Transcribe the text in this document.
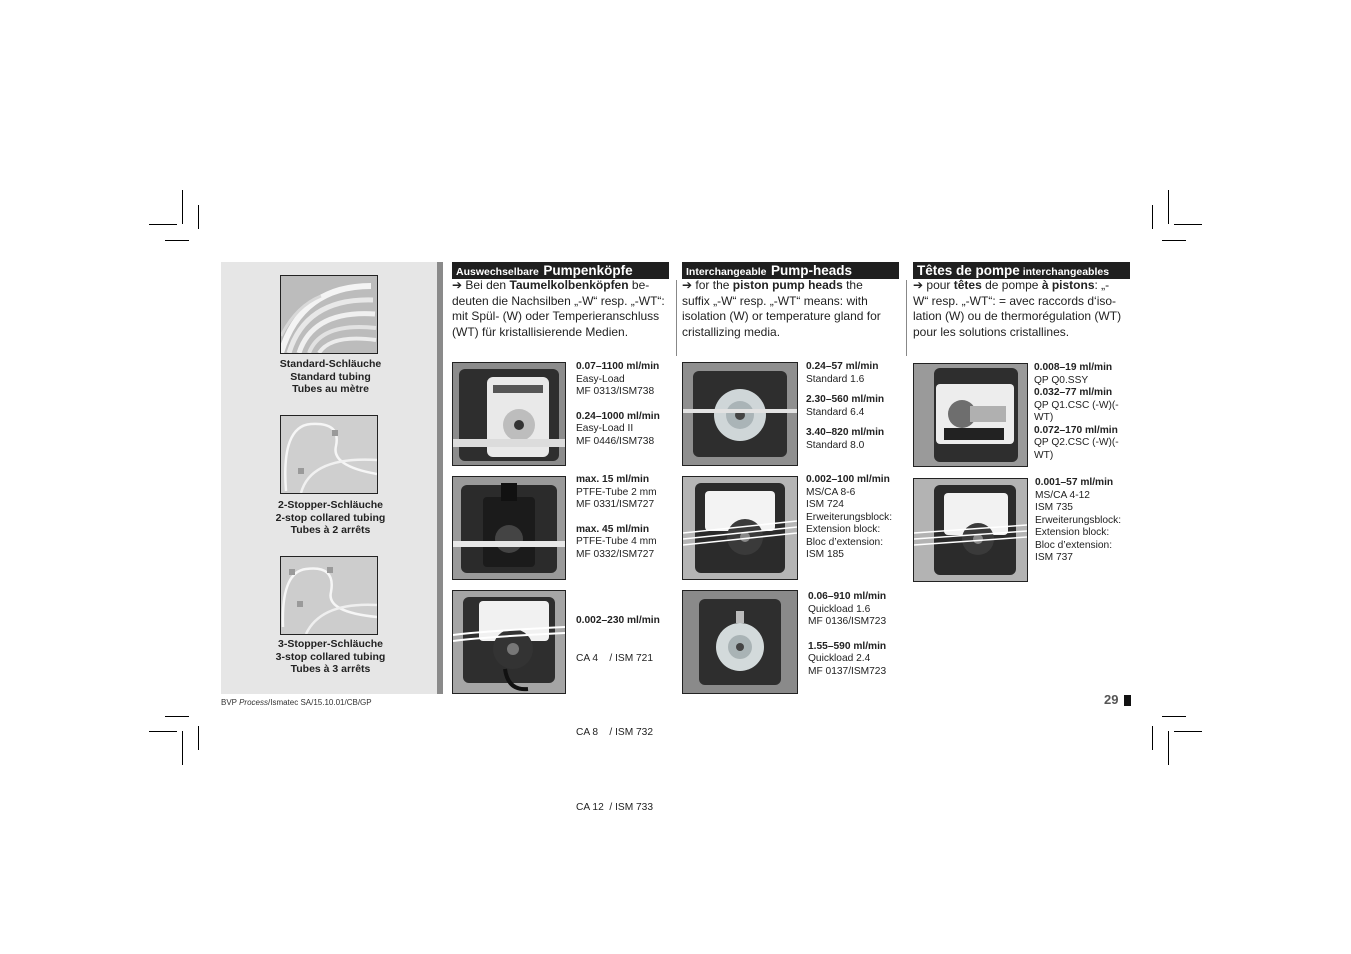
Standard-Schläuche
Standard tubing
Tubes au mètre
2-Stopper-Schläuche
2-stop collared tubing
Tubes à 2 arrêts
3-Stopper-Schläuche
3-stop collared tubing
Tubes à 3 arrêts
Auswechselbare Pumpenköpfe	Interchangeable Pump-heads	Têtes de pompe interchangeables
➔ Bei den Taumelkolbenköpfen be-
deuten die Nachsilben „-W“ resp. „-WT“:
mit Spül- (W) oder Temperieranschluss
(WT) für kristallisierende Medien.
➔ for the piston pump heads the
suffix „-W“ resp. „-WT“ means: with
isolation (W) or temperature gland for
cristallizing media.
➔ pour têtes de pompe à pistons: „-
W“ resp. „-WT“: = avec raccords d‘iso-
lation (W) ou de thermorégulation (WT)
pour les solutions cristallines.
0.07–1100 ml/min
Easy-Load
MF 0313/ISM738
0.24–1000 ml/min
Easy-Load II
MF 0446/ISM738
max. 15 ml/min
PTFE-Tube 2 mm
MF 0331/ISM727
max. 45 ml/min
PTFE-Tube 4 mm
MF 0332/ISM727

0.002–230 ml/min

CA 4    / ISM 721

CA 8    / ISM 732

CA 12  / ISM 733

0.24–57 ml/min
Standard 1.6
2.30–560 ml/min
Standard 6.4
3.40–820 ml/min
Standard 8.0
0.002–100 ml/min
MS/CA 8-6
ISM 724
Erweiterungsblock:
Extension block:
Bloc d’extension:
ISM 185
0.06–910 ml/min
Quickload 1.6
MF 0136/ISM723
1.55–590 ml/min
Quickload 2.4
MF 0137/ISM723
0.008–19 ml/min
QP Q0.SSY
0.032–77 ml/min
QP Q1.CSC (-W)(-
WT)
0.072–170 ml/min
QP Q2.CSC (-W)(-
WT)
0.001–57 ml/min
MS/CA 4-12
ISM 735
Erweiterungsblock:
Extension block:
Bloc d’extension:
ISM 737
BVP Process/Ismatec SA/15.10.01/CB/GP	29
